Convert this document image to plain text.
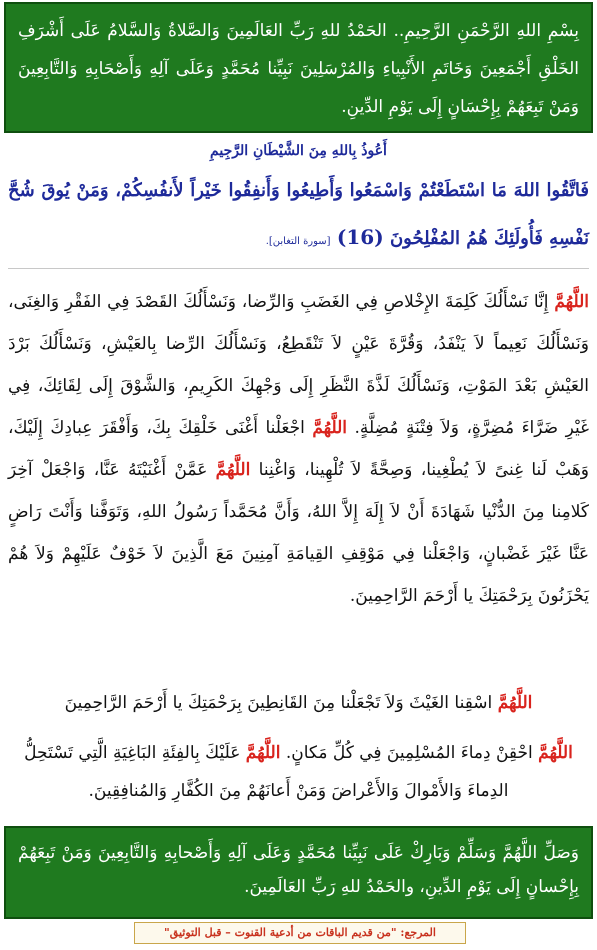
بِسْمِ اللهِ الرَّحْمَنِ الرَّحِيمِ.. الحَمْدُ للهِ رَبِّ العَالَمِينَ وَالصَّلاةُ وَالسَّلامُ عَلَى أَشْرَفِ الخَلْقِ أَجْمَعِينَ وَخَاتَمِ الأَنْبِياءِ وَالمُرْسَلِينَ نَبِيِّنا مُحَمَّدٍ وَعَلَى آلِهِ وَأَصْحَابِهِ وَالتَّابِعِينَ وَمَنْ تَبِعَهُمْ بِإِحْسَانٍ إِلَى يَوْمِ الدِّينِ.
أَعُوذُ بِاللهِ مِنَ الشَّيْطَانِ الرَّجِيمِ
فَاتَّقُوا اللهَ مَا اسْتَطَعْتُمْ وَاسْمَعُوا وَأَطِيعُوا وَأَنفِقُوا خَيْراً لأَنفُسِكُمْ، وَمَنْ يُوقَ شُحَّ نَفْسِهِ فَأُولَئِكَ هُمُ المُفْلِحُونَ (16) [سورة التغابن].
اللَّهُمَّ إِنَّا نَسْأَلُكَ كَلِمَةَ الإِخْلاصِ فِي الغَضَبِ وَالرِّضا، وَنَسْأَلُكَ القَصْدَ فِي الفَقْرِ وَالغِنَى، وَنَسْأَلُكَ نَعِيماً لاَ يَنْفَدُ، وَقُرَّةَ عَيْنٍ لاَ تَنْقَطِعُ، وَنَسْأَلُكَ الرِّضا بِالعَيْشِ، وَنَسْأَلُكَ بَرْدَ العَيْشِ بَعْدَ المَوْتِ، وَنَسْأَلُكَ لَذَّةَ النَّظَرِ إِلَى وَجْهِكَ الكَرِيمِ، وَالشَّوْقَ إِلَى لِقَائِكَ، فِي غَيْرِ ضَرَّاءَ مُضِرَّةٍ، وَلاَ فِتْنَةٍ مُضِلَّةٍ. اللَّهُمَّ اجْعَلْنا أَغْنَى خَلْقِكَ بِكَ، وَأَفْقَرَ عِبادِكَ إِلَيْكَ، وَهَبْ لَنا غِنىً لاَ يُطْغِينا، وَصِحَّةً لاَ تُلْهِينا، وَاغْنِنا اللَّهُمَّ عَمَّنْ أَغْنَيْتَهُ عَنَّا، وَاجْعَلْ آخِرَ كَلامِنا مِنَ الدُّنْيا شَهَادَةَ أَنْ لاَ إِلَهَ إِلاَّ اللهُ، وَأَنَّ مُحَمَّداً رَسُولُ اللهِ، وَتَوَفَّنا وَأَنْتَ رَاضٍ عَنَّا غَيْرَ غَضْبانٍ، وَاجْعَلْنا فِي مَوْقِفِ القِيامَةِ آمِنِينَ مَعَ الَّذِينَ لاَ خَوْفٌ عَلَيْهِمْ وَلاَ هُمْ يَحْزَنُونَ بِرَحْمَتِكَ يا أَرْحَمَ الرَّاحِمِينَ.
اللَّهُمَّ اسْقِنا الغَيْثَ وَلاَ تَجْعَلْنا مِنَ القَانِطِينَ بِرَحْمَتِكَ يا أَرْحَمَ الرَّاحِمِينَ
اللَّهُمَّ احْقِنْ دِماءَ المُسْلِمِينَ فِي كُلِّ مَكانٍ. اللَّهُمَّ عَلَيْكَ بِالفِئَةِ البَاغِيَةِ الَّتِي تَسْتَحِلُّ الدِماءَ وَالأَمْوالَ وَالأَعْراضَ وَمَنْ أَعانَهُمْ مِنَ الكُفَّارِ وَالمُنافِقِينَ.
وَصَلِّ اللَّهُمَّ وَسَلِّمْ وَبَارِكْ عَلَى نَبِيِّنا مُحَمَّدٍ وَعَلَى آلِهِ وَأَصْحابِهِ وَالتَّابِعِينَ وَمَنْ تَبِعَهُمْ بِإِحْسانٍ إِلَى يَوْمِ الدِّينِ، والحَمْدُ للهِ رَبِّ العَالَمِينَ.
المرجع: "من قديم الباقات من أدعية القنوت – قبل التوثيق"
